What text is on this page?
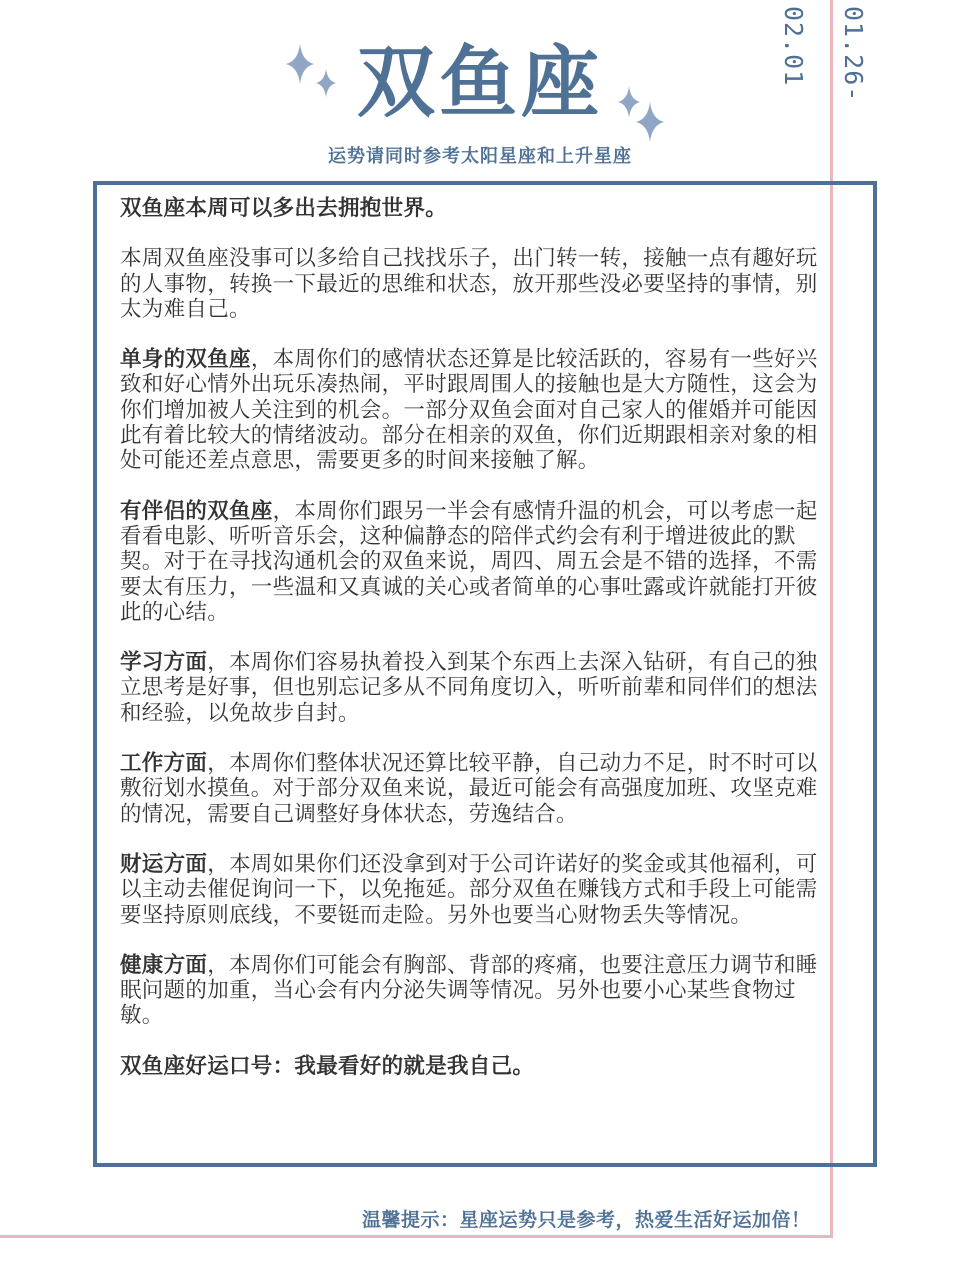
01.26-02.01
双鱼座
运势请同时参考太阳星座和上升星座

双鱼座本周可以多出去拥抱世界。

本周双鱼座没事可以多给自己找找乐子，出门转一转，接触一点有趣好玩的人事物，转换一下最近的思维和状态，放开那些没必要坚持的事情，别太为难自己。

单身的双鱼座，本周你们的感情状态还算是比较活跃的，容易有一些好兴致和好心情外出玩乐凑热闹，平时跟周围人的接触也是大方随性，这会为你们增加被人关注到的机会。一部分双鱼会面对自己家人的催婚并可能因此有着比较大的情绪波动。部分在相亲的双鱼，你们近期跟相亲对象的相处可能还差点意思，需要更多的时间来接触了解。

有伴侣的双鱼座，本周你们跟另一半会有感情升温的机会，可以考虑一起看看电影、听听音乐会，这种偏静态的陪伴式约会有利于增进彼此的默契。对于在寻找沟通机会的双鱼来说，周四、周五会是不错的选择，不需要太有压力，一些温和又真诚的关心或者简单的心事吐露或许就能打开彼此的心结。

学习方面，本周你们容易执着投入到某个东西上去深入钻研，有自己的独立思考是好事，但也别忘记多从不同角度切入，听听前辈和同伴们的想法和经验，以免故步自封。

工作方面，本周你们整体状况还算比较平静，自己动力不足，时不时可以敷衍划水摸鱼。对于部分双鱼来说，最近可能会有高强度加班、攻坚克难的情况，需要自己调整好身体状态，劳逸结合。

财运方面，本周如果你们还没拿到对于公司许诺好的奖金或其他福利，可以主动去催促询问一下，以免拖延。部分双鱼在赚钱方式和手段上可能需要坚持原则底线，不要铤而走险。另外也要当心财物丢失等情况。

健康方面，本周你们可能会有胸部、背部的疼痛，也要注意压力调节和睡眠问题的加重，当心会有内分泌失调等情况。另外也要小心某些食物过敏。

双鱼座好运口号：我最看好的就是我自己。

温馨提示：星座运势只是参考，热爱生活好运加倍！
